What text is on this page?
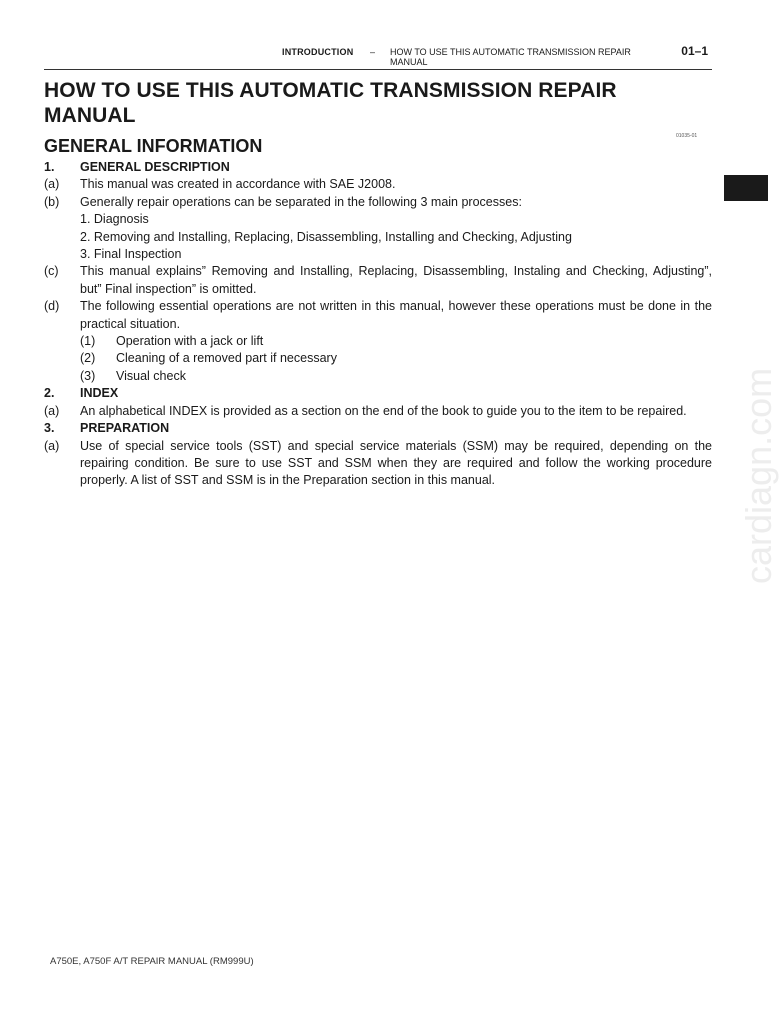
INTRODUCTION – HOW TO USE THIS AUTOMATIC TRANSMISSION REPAIR MANUAL
01–1
HOW TO USE THIS AUTOMATIC TRANSMISSION REPAIR MANUAL
GENERAL INFORMATION	01035-01
cardiagn.com
1.	GENERAL DESCRIPTION
(a)	This manual was created in accordance with SAE J2008.
(b)	Generally repair operations can be separated in the following 3 main processes:
1. Diagnosis
2. Removing and Installing, Replacing, Disassembling, Installing and Checking, Adjusting
3. Final Inspection
(c)	This manual explains” Removing and Installing, Replacing, Disassembling, Instaling and Checking, Adjusting”, but” Final inspection” is omitted.
(d)	The following essential operations are not written in this manual, however these operations must be done in the practical situation.
(1)	Operation with a jack or lift
(2)	Cleaning of a removed part if necessary
(3)	Visual check
2.	INDEX
(a)	An alphabetical INDEX is provided as a section on the end of the book to guide you to the item to be repaired.
3.	PREPARATION
(a)	Use of special service tools (SST) and special service materials (SSM) may be required, depending on the repairing condition. Be sure to use SST and SSM when they are required and follow the working procedure properly. A list of SST and SSM is in the Preparation section in this manual.
A750E, A750F A/T REPAIR MANUAL (RM999U)
